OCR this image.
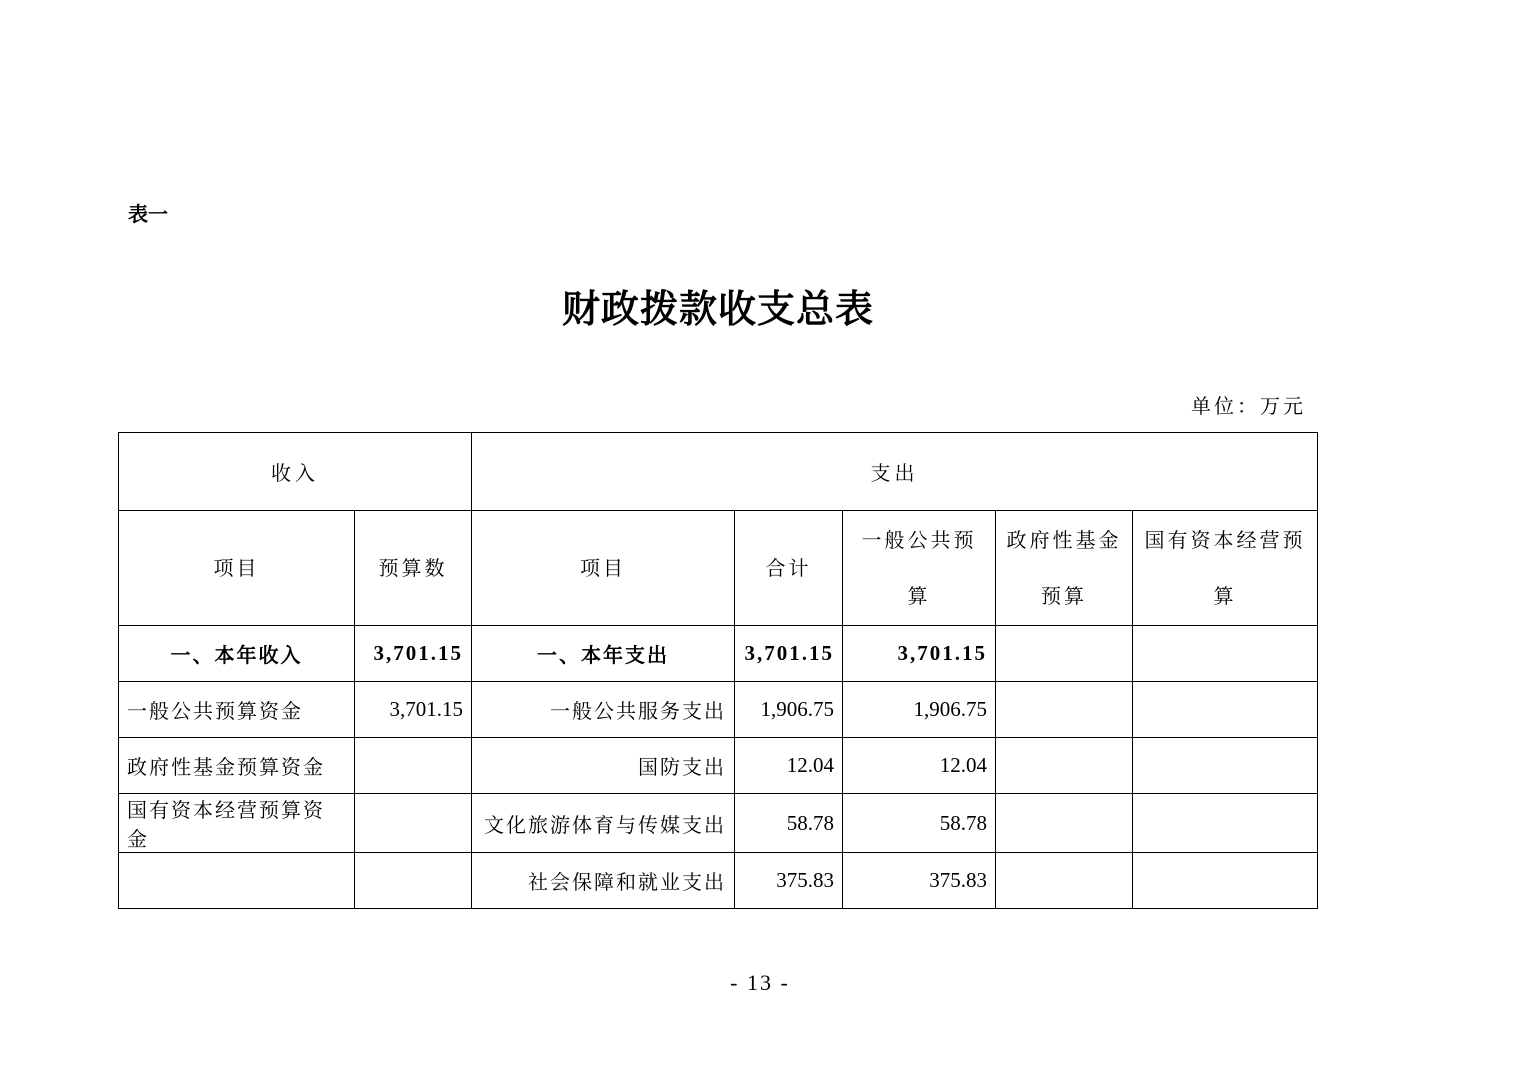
表一
财政拨款收支总表
单位：万元
收入		支出				
项目	预算数	项目	合计	一般公共预算	政府性基金预算	国有资本经营预算
一、本年收入	3,701.15	一、本年支出	3,701.15	3,701.15		
一般公共预算资金	3,701.15	一般公共服务支出	1,906.75	1,906.75		
政府性基金预算资金		国防支出	12.04	12.04		
国有资本经营预算资金		文化旅游体育与传媒支出	58.78	58.78		
		社会保障和就业支出	375.83	375.83		
- 13 -
